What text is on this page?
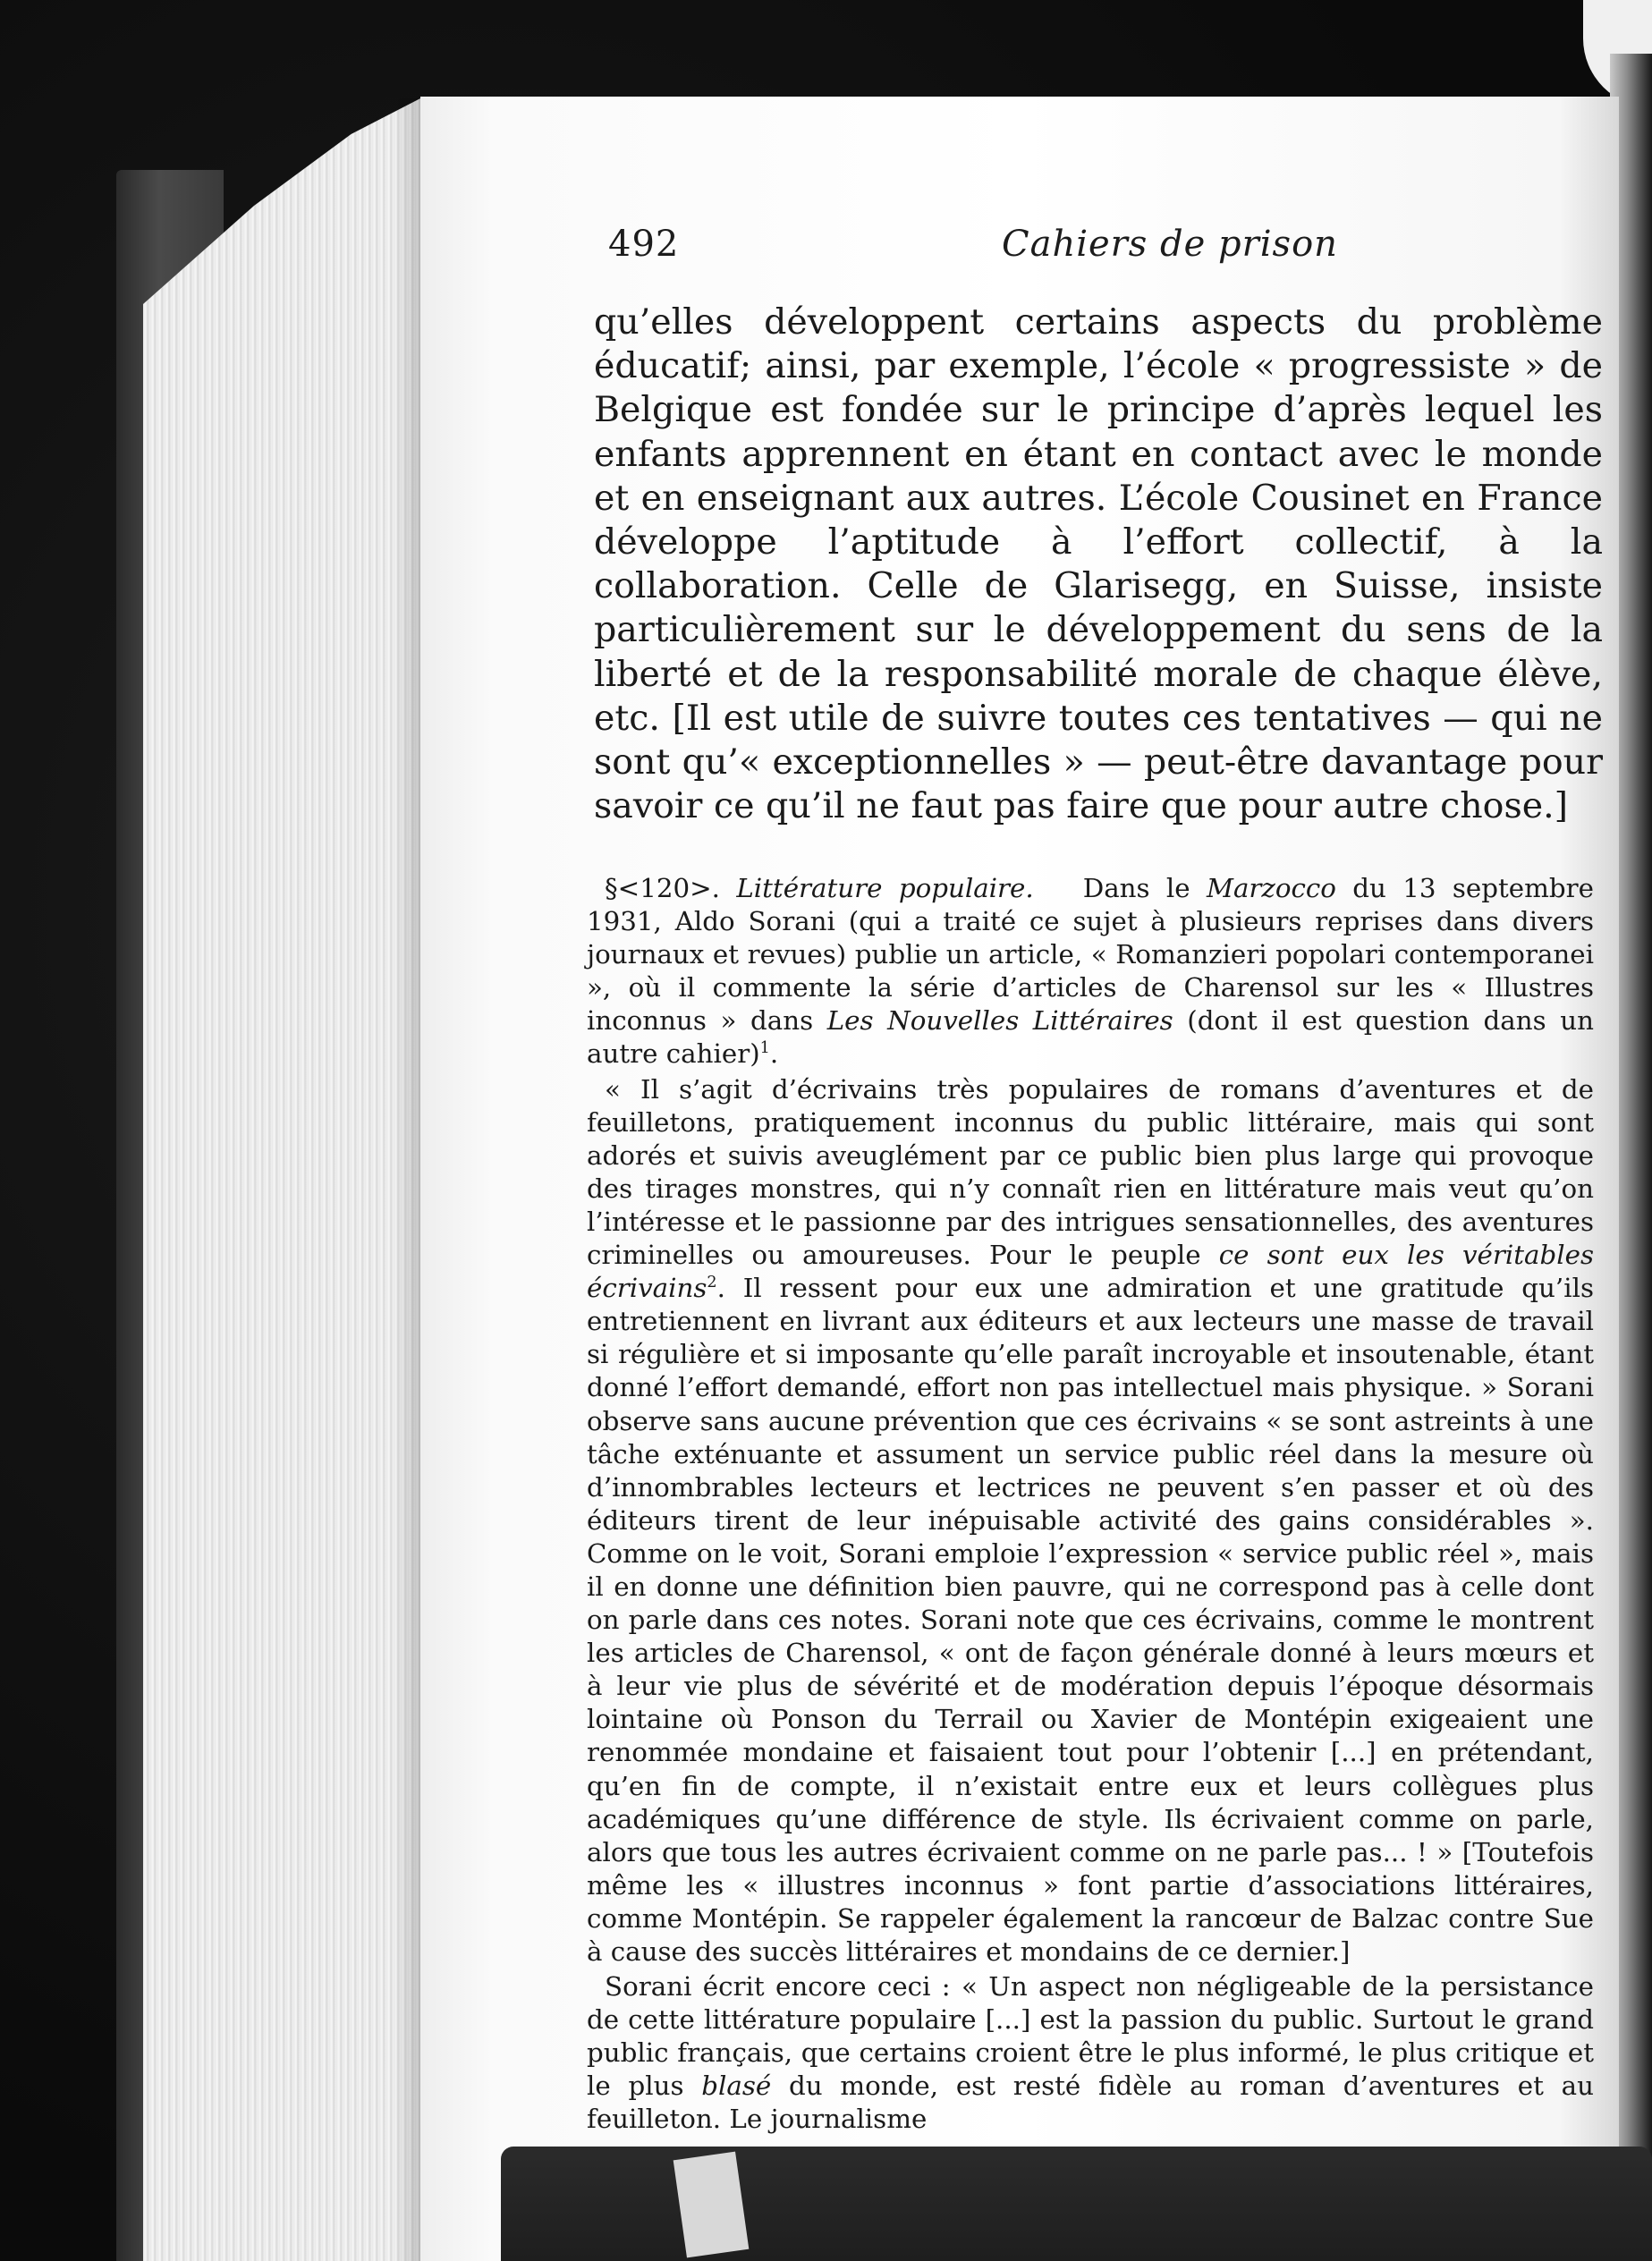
492	Cahiers de prison

qu’elles développent certains aspects du problème éducatif; ainsi, par exemple, l’école « progressiste » de Belgique est fondée sur le principe d’après lequel les enfants apprennent en étant en contact avec le monde et en enseignant aux autres. L’école Cousinet en France développe l’aptitude à l’effort collectif, à la collaboration. Celle de Glarisegg, en Suisse, insiste particulièrement sur le développement du sens de la liberté et de la responsabilité morale de chaque élève, etc. [Il est utile de suivre toutes ces tentatives — qui ne sont qu’« exceptionnelles » — peut-être davantage pour savoir ce qu’il ne faut pas faire que pour autre chose.]

§<120>. Littérature populaire. Dans le Marzocco du 13 septembre 1931, Aldo Sorani (qui a traité ce sujet à plusieurs reprises dans divers journaux et revues) publie un article, « Romanzieri popolari contemporanei », où il commente la série d’articles de Charensol sur les « Illustres inconnus » dans Les Nouvelles Littéraires (dont il est question dans un autre cahier)$^1$.

« Il s’agit d’écrivains très populaires de romans d’aventures et de feuilletons, pratiquement inconnus du public littéraire, mais qui sont adorés et suivis aveuglément par ce public bien plus large qui provoque des tirages monstres, qui n’y connaît rien en littérature mais veut qu’on l’intéresse et le passionne par des intrigues sensationnelles, des aventures criminelles ou amoureuses. Pour le peuple ce sont eux les véritables écrivains$^2$. Il ressent pour eux une admiration et une gratitude qu’ils entretiennent en livrant aux éditeurs et aux lecteurs une masse de travail si régulière et si imposante qu’elle paraît incroyable et insoutenable, étant donné l’effort demandé, effort non pas intellectuel mais physique. » Sorani observe sans aucune prévention que ces écrivains « se sont astreints à une tâche exténuante et assument un service public réel dans la mesure où d’innombrables lecteurs et lectrices ne peuvent s’en passer et où des éditeurs tirent de leur inépuisable activité des gains considérables ». Comme on le voit, Sorani emploie l’expression « service public réel », mais il en donne une définition bien pauvre, qui ne correspond pas à celle dont on parle dans ces notes. Sorani note que ces écrivains, comme le montrent les articles de Charensol, « ont de façon générale donné à leurs mœurs et à leur vie plus de sévérité et de modération depuis l’époque désormais lointaine où Ponson du Terrail ou Xavier de Montépin exigeaient une renommée mondaine et faisaient tout pour l’obtenir [...] en prétendant, qu’en fin de compte, il n’existait entre eux et leurs collègues plus académiques qu’une différence de style. Ils écrivaient comme on parle, alors que tous les autres écrivaient comme on ne parle pas... ! » [Toutefois même les « illustres inconnus » font partie d’associations littéraires, comme Montépin. Se rappeler également la rancœur de Balzac contre Sue à cause des succès littéraires et mondains de ce dernier.]

Sorani écrit encore ceci : « Un aspect non négligeable de la persistance de cette littérature populaire [...] est la passion du public. Surtout le grand public français, que certains croient être le plus informé, le plus critique et le plus blasé du monde, est resté fidèle au roman d’aventures et au feuilleton. Le journalisme
